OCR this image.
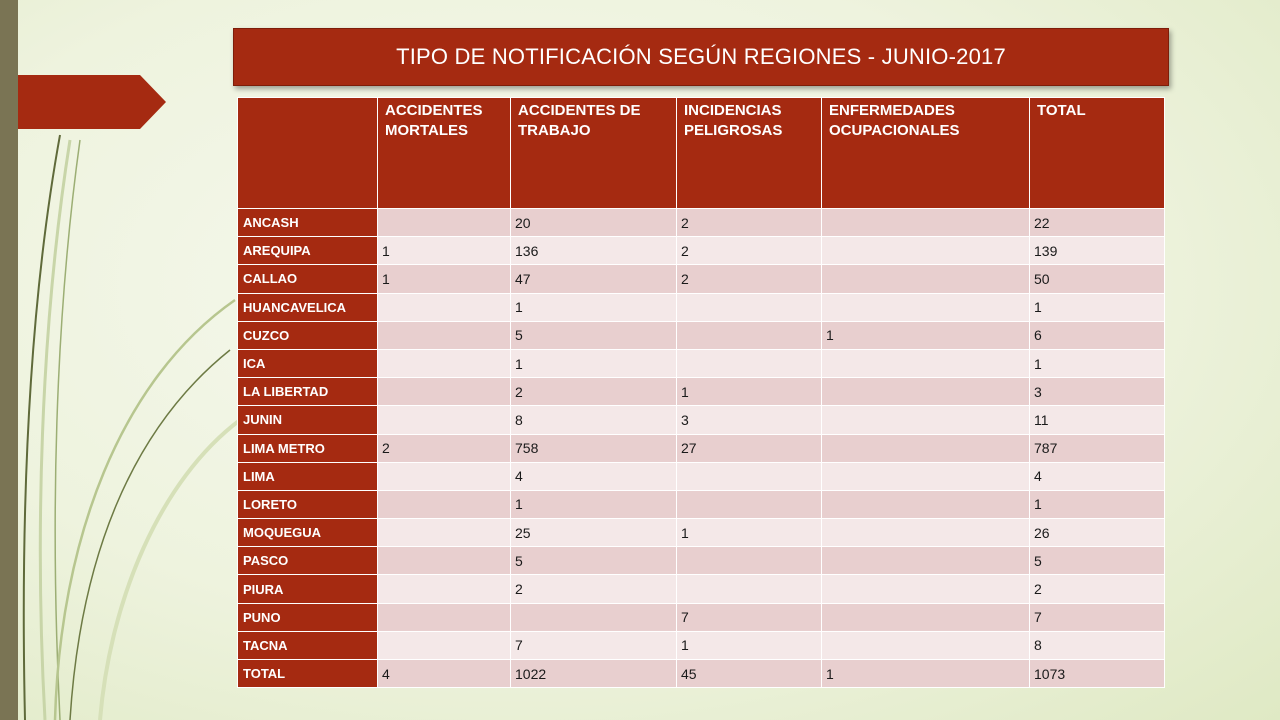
TIPO DE NOTIFICACIÓN SEGÚN REGIONES - JUNIO-2017
	ACCIDENTES MORTALES	ACCIDENTES DE TRABAJO	INCIDENCIAS PELIGROSAS	ENFERMEDADES OCUPACIONALES	TOTAL
ANCASH		20	2		22
AREQUIPA	1	136	2		139
CALLAO	1	47	2		50
HUANCAVELICA		1			1
CUZCO		5		1	6
ICA		1			1
LA LIBERTAD		2	1		3
JUNIN		8	3		11
LIMA METRO	2	758	27		787
LIMA		4			4
LORETO		1			1
MOQUEGUA		25	1		26
PASCO		5			5
PIURA		2			2
PUNO			7		7
TACNA		7	1		8
TOTAL	4	1022	45	1	1073
